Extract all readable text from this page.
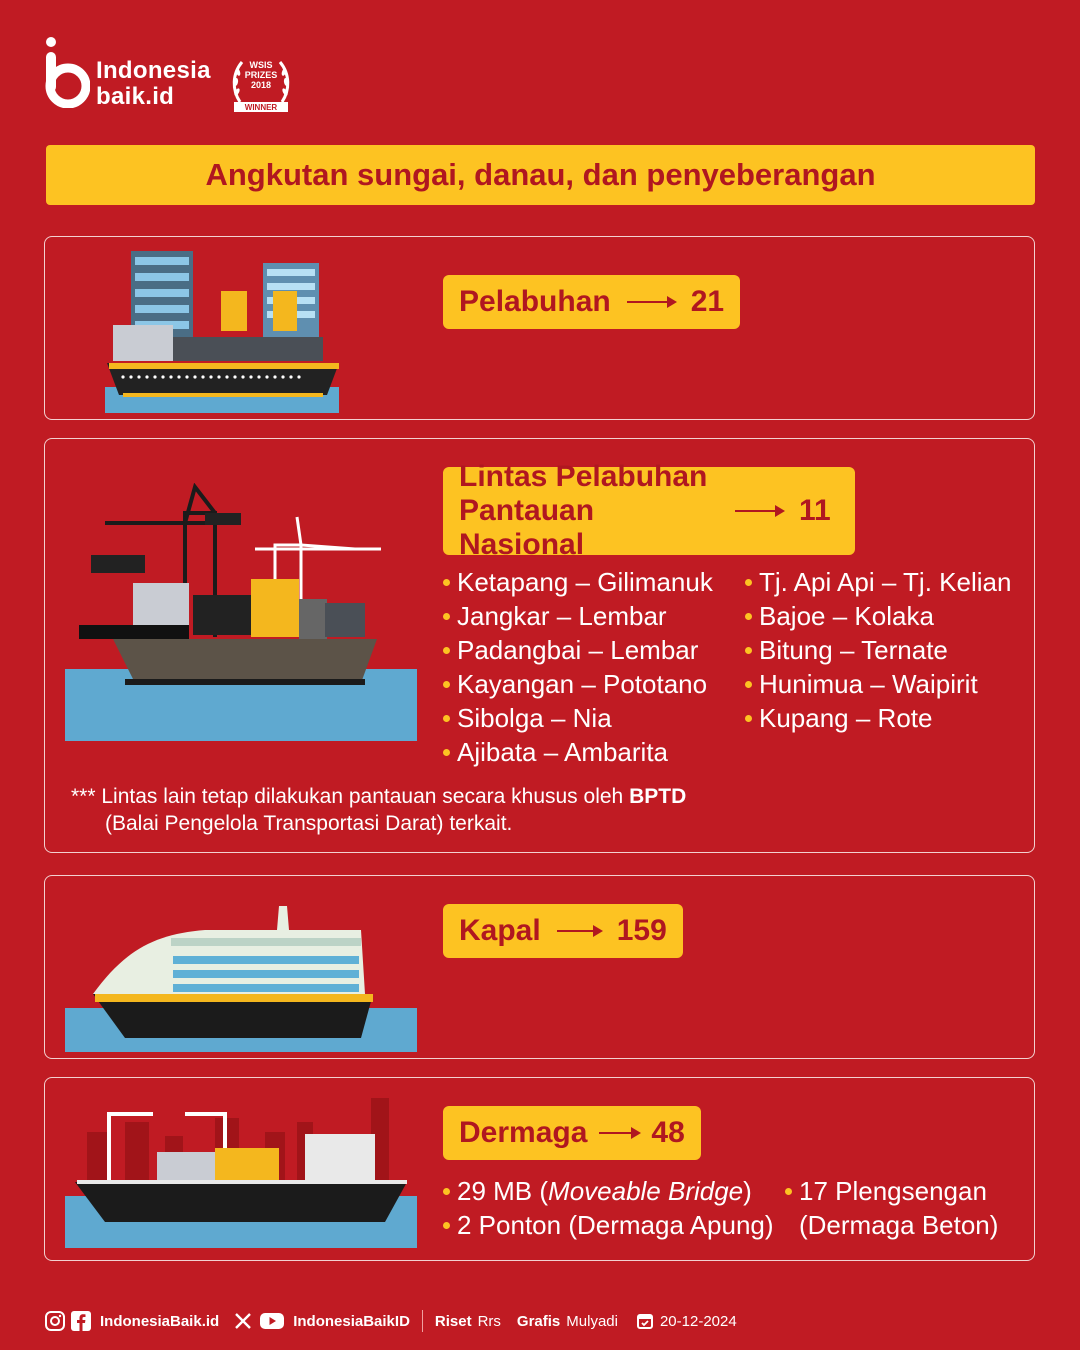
Indonesia
baik.id
WSIS
PRIZES
2018
WINNER
Angkutan sungai, danau, dan penyeberangan
Pelabuhan	21
Lintas Pelabuhan
Pantauan Nasional
11
Ketapang – Gilimanuk
Jangkar – Lembar
Padangbai – Lembar
Kayangan – Pototano
Sibolga – Nia
Ajibata – Ambarita
Tj. Api Api – Tj. Kelian
Bajoe – Kolaka
Bitung – Ternate
Hunimua – Waipirit
Kupang – Rote
*** Lintas lain tetap dilakukan pantauan secara khusus oleh BPTD
(Balai Pengelola Transportasi Darat) terkait.
Kapal	159
Dermaga 48
29 MB (Moveable Bridge)
2 Ponton (Dermaga Apung)
17 Plengsengan
(Dermaga Beton)
IndonesiaBaik.id	IndonesiaBaikID Riset Rrs Grafis Mulyadi	20-12-2024
